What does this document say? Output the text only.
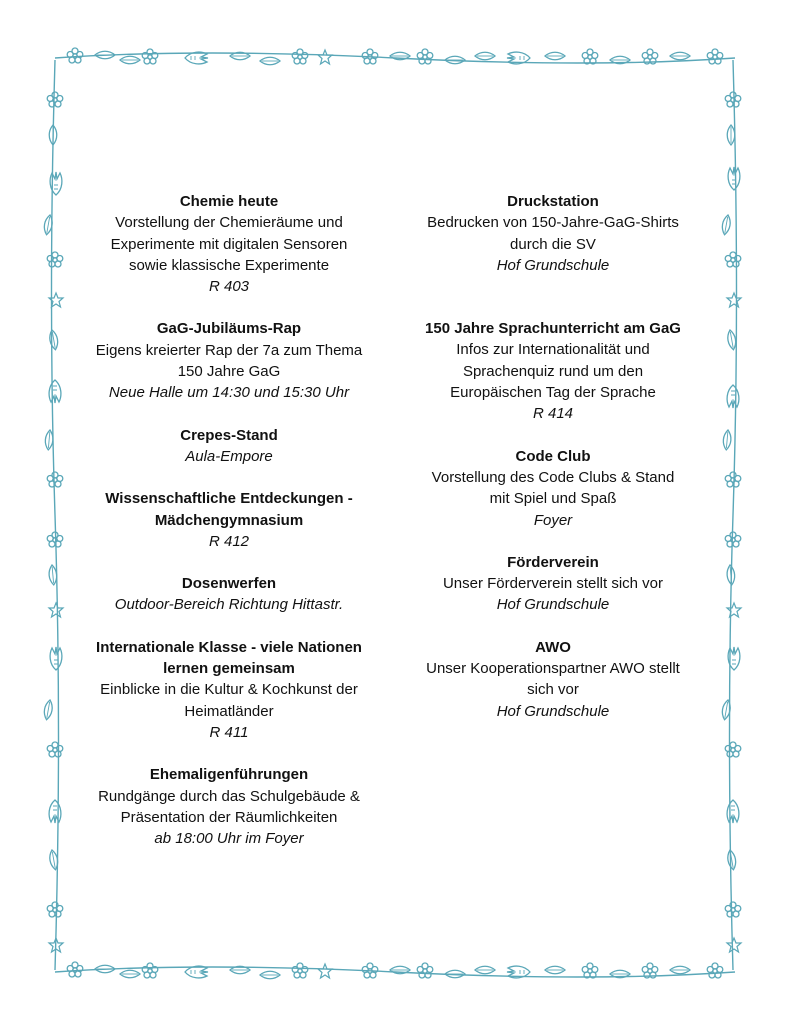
Chemie heute
Vorstellung der Chemieräume und
Experimente mit digitalen Sensoren
sowie klassische Experimente
R 403
GaG-Jubiläums-Rap
Eigens kreierter Rap der 7a zum Thema
150 Jahre GaG
Neue Halle um 14:30 und 15:30 Uhr
Crepes-Stand
Aula-Empore
Wissenschaftliche Entdeckungen -
Mädchengymnasium
R 412
Dosenwerfen
Outdoor-Bereich Richtung Hittastr.
Internationale Klasse - viele Nationen
lernen gemeinsam
Einblicke in die Kultur & Kochkunst der
Heimatländer
R 411
Ehemaligenführungen
Rundgänge durch das Schulgebäude &
Präsentation der Räumlichkeiten
ab 18:00 Uhr im Foyer
Druckstation
Bedrucken von 150-Jahre-GaG-Shirts
durch die SV
Hof Grundschule
150 Jahre Sprachunterricht am GaG
Infos zur Internationalität und
Sprachenquiz rund um den
Europäischen Tag der Sprache
R 414
Code Club
Vorstellung des Code Clubs & Stand
mit Spiel und Spaß
Foyer
Förderverein
Unser Förderverein stellt sich vor
Hof Grundschule
AWO
Unser Kooperationspartner AWO stellt
sich vor
Hof Grundschule
